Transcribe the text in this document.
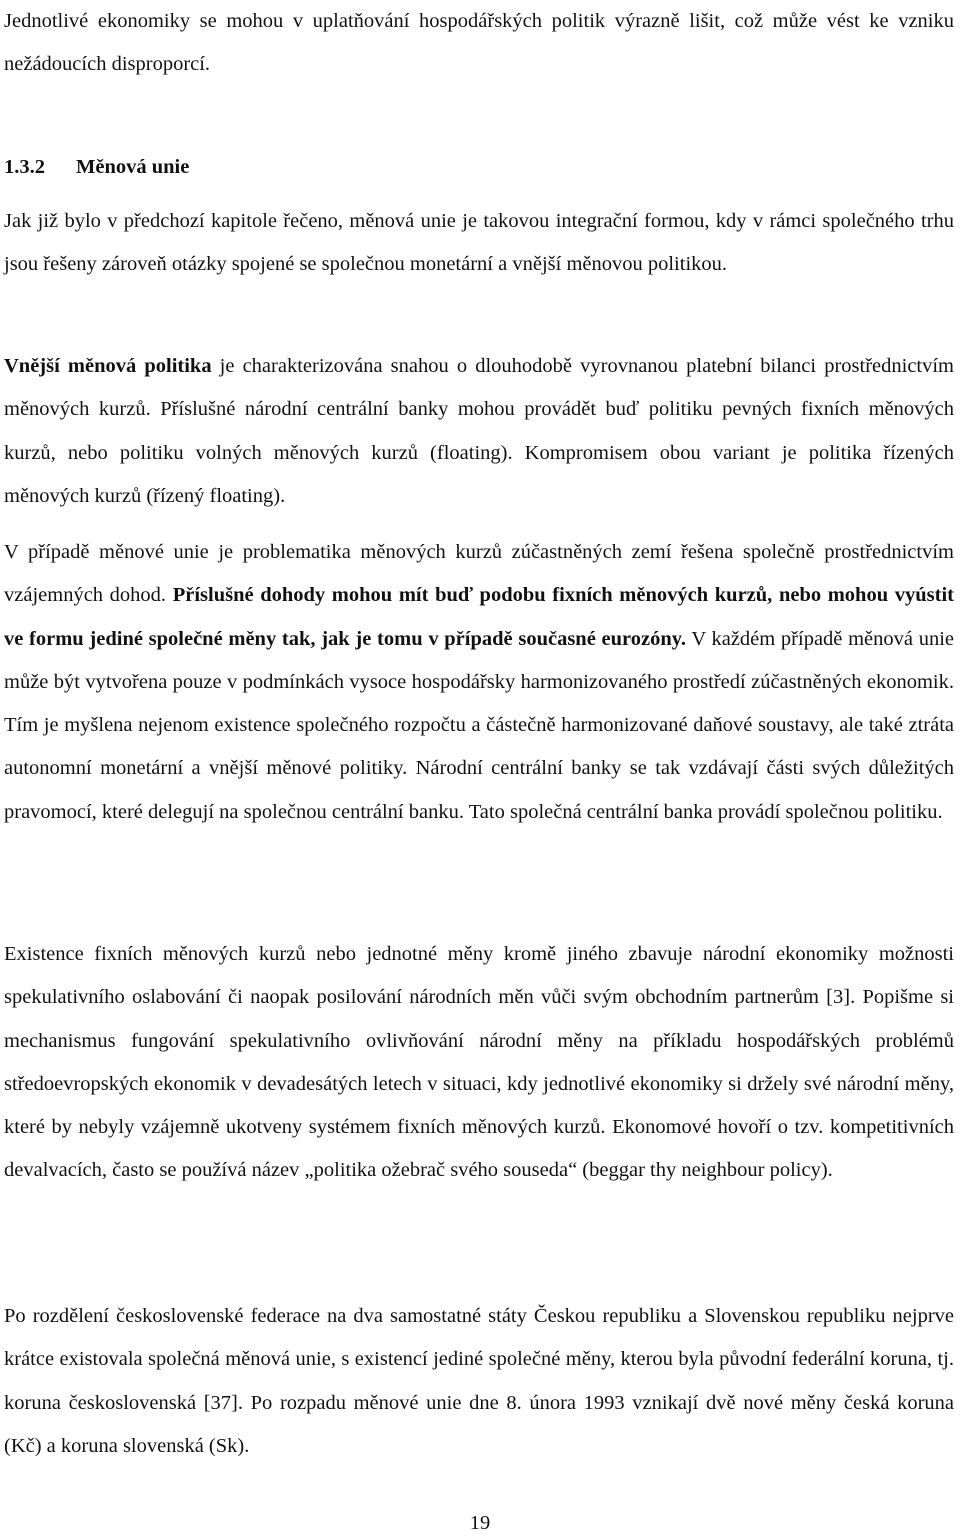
Jednotlivé ekonomiky se mohou v uplatňování hospodářských politik výrazně lišit, což může vést ke vzniku nežádoucích disproporcí.

1.3.2 Měnová unie

Jak již bylo v předchozí kapitole řečeno, měnová unie je takovou integrační formou, kdy v rámci společného trhu jsou řešeny zároveň otázky spojené se společnou monetární a vnější měnovou politikou.

Vnější měnová politika je charakterizována snahou o dlouhodobě vyrovnanou platební bilanci prostřednictvím měnových kurzů. Příslušné národní centrální banky mohou provádět buď politiku pevných fixních měnových kurzů, nebo politiku volných měnových kurzů (floating). Kompromisem obou variant je politika řízených měnových kurzů (řízený floating).

V případě měnové unie je problematika měnových kurzů zúčastněných zemí řešena společně prostřednictvím vzájemných dohod. Příslušné dohody mohou mít buď podobu fixních měnových kurzů, nebo mohou vyústit ve formu jediné společné měny tak, jak je tomu v případě současné eurozóny. V každém případě měnová unie může být vytvořena pouze v podmínkách vysoce hospodářsky harmonizovaného prostředí zúčastněných ekonomik. Tím je myšlena nejenom existence společného rozpočtu a částečně harmonizované daňové soustavy, ale také ztráta autonomní monetární a vnější měnové politiky. Národní centrální banky se tak vzdávají části svých důležitých pravomocí, které delegují na společnou centrální banku. Tato společná centrální banka provádí společnou politiku.

Existence fixních měnových kurzů nebo jednotné měny kromě jiného zbavuje národní ekonomiky možnosti spekulativního oslabování či naopak posilování národních měn vůči svým obchodním partnerům [3]. Popišme si mechanismus fungování spekulativního ovlivňování národní měny na příkladu hospodářských problémů středoevropských ekonomik v devadesátých letech v situaci, kdy jednotlivé ekonomiky si držely své národní měny, které by nebyly vzájemně ukotveny systémem fixních měnových kurzů. Ekonomové hovoří o tzv. kompetitivních devalvacích, často se používá název „politika ožebrač svého souseda“ (beggar thy neighbour policy).

Po rozdělení československé federace na dva samostatné státy Českou republiku a Slovenskou republiku nejprve krátce existovala společná měnová unie, s existencí jediné společné měny, kterou byla původní federální koruna, tj. koruna československá [37]. Po rozpadu měnové unie dne 8. února 1993 vznikají dvě nové měny česká koruna (Kč) a koruna slovenská (Sk).

19
